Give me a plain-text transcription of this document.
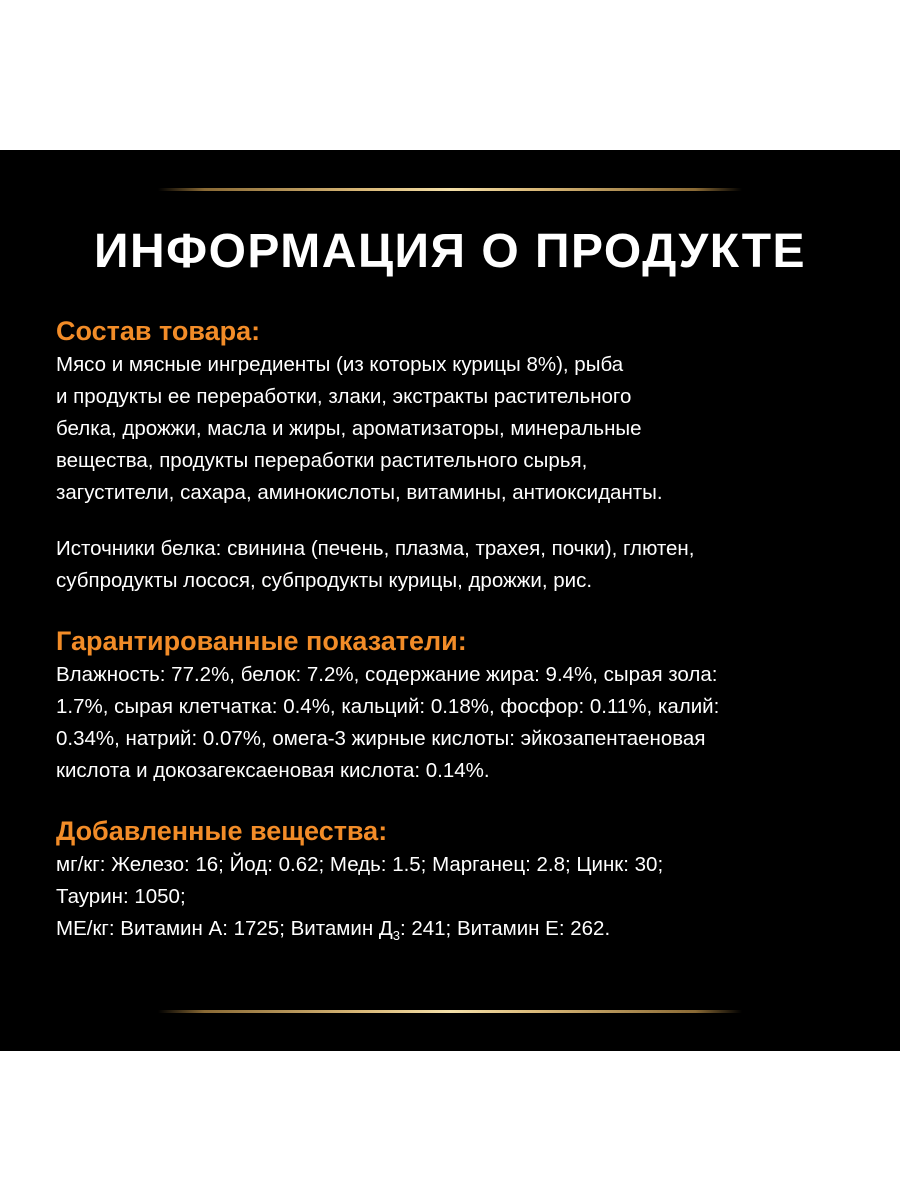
ИНФОРМАЦИЯ О ПРОДУКТЕ
Состав товара:

Мясо и мясные ингредиенты (из которых курицы 8%), рыба
и продукты ее переработки, злаки, экстракты растительного
белка, дрожжи, масла и жиры, ароматизаторы, минеральные
вещества, продукты переработки растительного сырья,
загустители, сахара, аминокислоты, витамины, антиоксиданты.

Источники белка: свинина (печень, плазма, трахея, почки), глютен,
субпродукты лосося, субпродукты курицы, дрожжи, рис.

Гарантированные показатели:

Влажность: 77.2%, белок: 7.2%, содержание жира: 9.4%, сырая зола:
1.7%, сырая клетчатка: 0.4%, кальций: 0.18%, фосфор: 0.11%, калий:
0.34%, натрий: 0.07%, омега-3 жирные кислоты: эйкозапентаеновая
кислота и докозагексаеновая кислота: 0.14%.

Добавленные вещества:

мг/кг: Железо: 16; Йод: 0.62; Медь: 1.5; Марганец: 2.8; Цинк: 30;
Таурин: 1050;
МЕ/кг: Витамин А: 1725; Витамин $Д_3$: 241; Витамин Е: 262.
